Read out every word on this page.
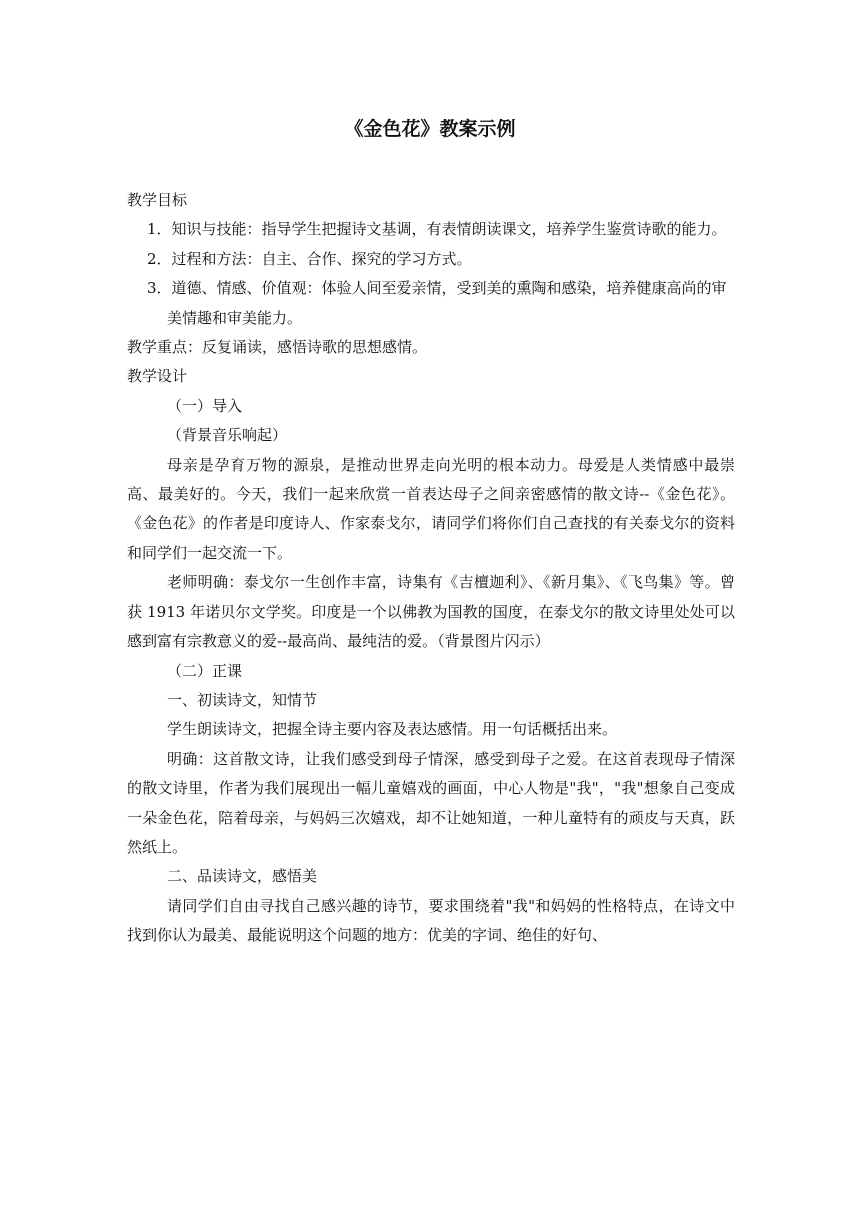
《金色花》教案示例

教学目标

1．知识与技能：指导学生把握诗文基调，有表情朗读课文，培养学生鉴赏诗歌的能力。

2．过程和方法：自主、合作、探究的学习方式。

3．道德、情感、价值观：体验人间至爱亲情，受到美的熏陶和感染，培养健康高尚的审美情趣和审美能力。

教学重点：反复诵读，感悟诗歌的思想感情。

教学设计

（一）导入

（背景音乐响起）

母亲是孕育万物的源泉，是推动世界走向光明的根本动力。母爱是人类情感中最崇高、最美好的。今天，我们一起来欣赏一首表达母子之间亲密感情的散文诗--《金色花》。《金色花》的作者是印度诗人、作家泰戈尔，请同学们将你们自己查找的有关泰戈尔的资料和同学们一起交流一下。

老师明确：泰戈尔一生创作丰富，诗集有《吉檀迦利》、《新月集》、《飞鸟集》等。曾获 1913 年诺贝尔文学奖。印度是一个以佛教为国教的国度，在泰戈尔的散文诗里处处可以感到富有宗教意义的爱--最高尚、最纯洁的爱。（背景图片闪示）

（二）正课

一、初读诗文，知情节

学生朗读诗文，把握全诗主要内容及表达感情。用一句话概括出来。

明确：这首散文诗，让我们感受到母子情深，感受到母子之爱。在这首表现母子情深的散文诗里，作者为我们展现出一幅儿童嬉戏的画面，中心人物是"我"，"我"想象自己变成一朵金色花，陪着母亲，与妈妈三次嬉戏，却不让她知道，一种儿童特有的顽皮与天真，跃然纸上。

二、品读诗文，感悟美

请同学们自由寻找自己感兴趣的诗节，要求围绕着"我"和妈妈的性格特点，在诗文中找到你认为最美、最能说明这个问题的地方：优美的字词、绝佳的好句、
